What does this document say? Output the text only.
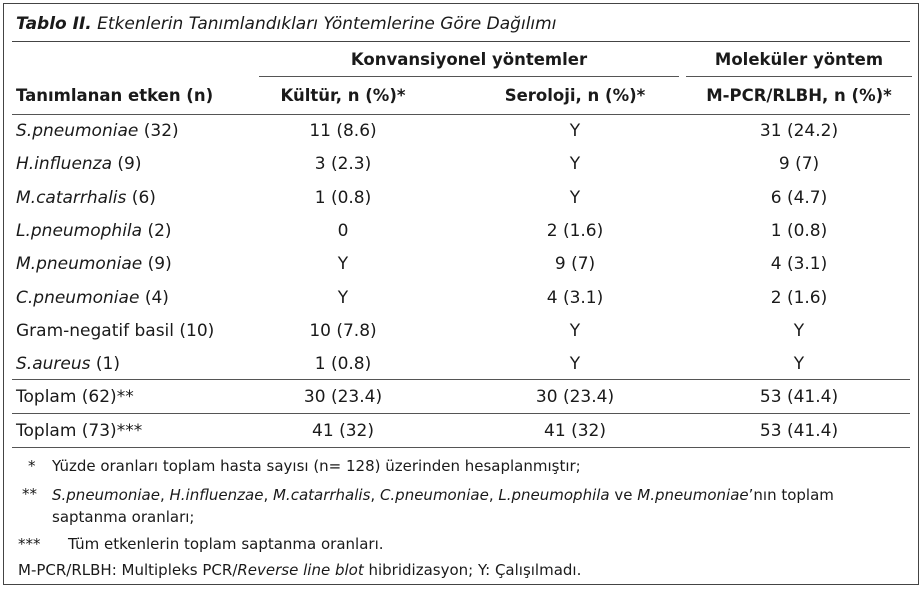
Tablo II. Etkenlerin Tanımlandıkları Yöntemlerine Göre Dağılımı
Konvansiyonel yöntemler	Moleküler yöntem
Tanımlanan etken (n)	Kültür, n (%)*	Seroloji, n (%)*	M-PCR/RLBH, n (%)*
S.pneumoniae (32)	11 (8.6)	Y	31 (24.2)
H.influenza (9)	3 (2.3)	Y	9 (7)
M.catarrhalis (6)	1 (0.8)	Y	6 (4.7)
L.pneumophila (2)	0	2 (1.6)	1 (0.8)
M.pneumoniae (9)	Y	9 (7)	4 (3.1)
C.pneumoniae (4)	Y	4 (3.1)	2 (1.6)
Gram-negatif basil (10)	10 (7.8)	Y	Y
S.aureus (1)	1 (0.8)	Y	Y
Toplam (62)**	30 (23.4)	30 (23.4)	53 (41.4)
Toplam (73)***	41 (32)	41 (32)	53 (41.4)
* Yüzde oranları toplam hasta sayısı (n= 128) üzerinden hesaplanmıştır;
** S.pneumoniae, H.influenzae, M.catarrhalis, C.pneumoniae, L.pneumophila ve M.pneumoniae’nın toplam saptanma oranları;
*** Tüm etkenlerin toplam saptanma oranları.
M-PCR/RLBH: Multipleks PCR/Reverse line blot hibridizasyon; Y: Çalışılmadı.
